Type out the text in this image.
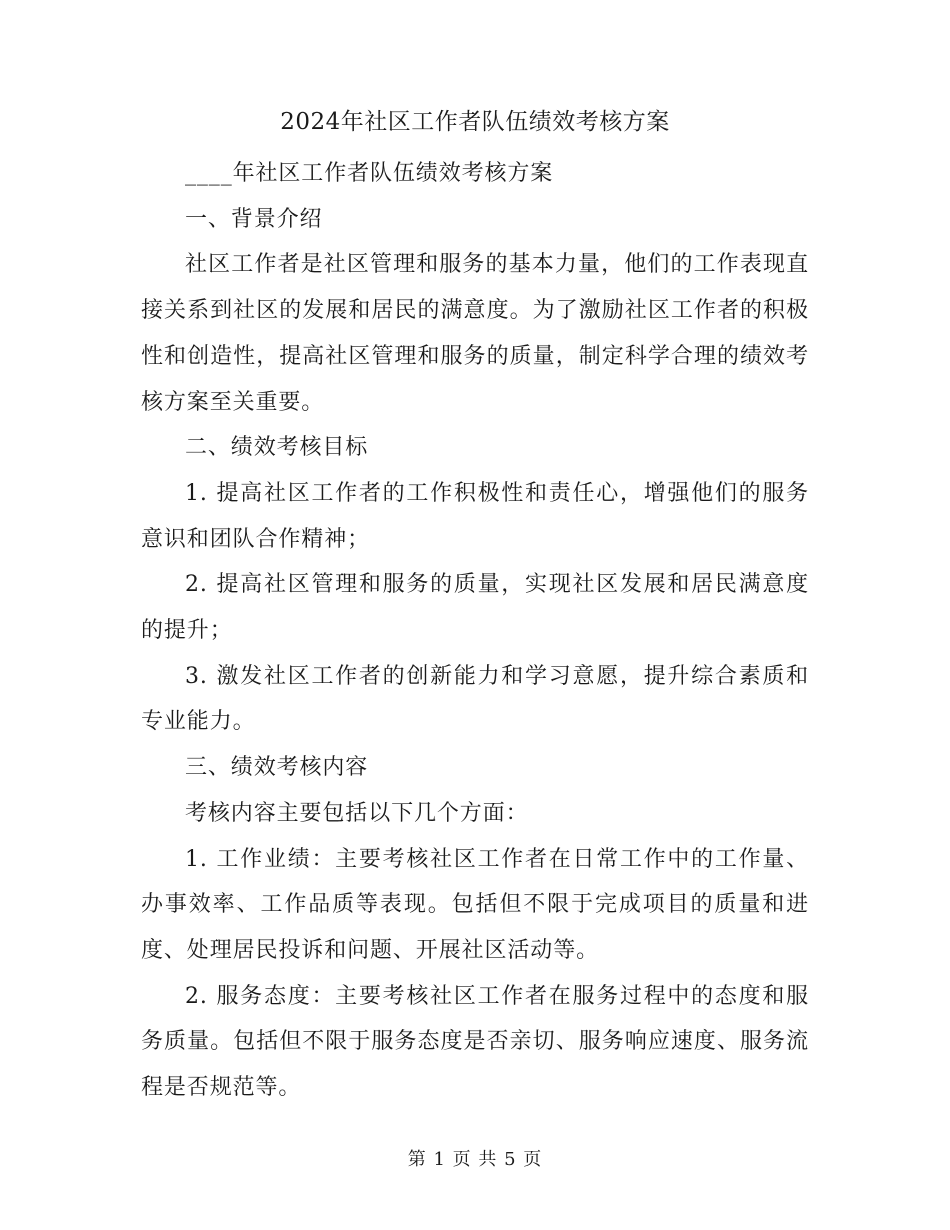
2024年社区工作者队伍绩效考核方案

____年社区工作者队伍绩效考核方案

一、背景介绍

社区工作者是社区管理和服务的基本力量，他们的工作表现直接关系到社区的发展和居民的满意度。为了激励社区工作者的积极性和创造性，提高社区管理和服务的质量，制定科学合理的绩效考核方案至关重要。

二、绩效考核目标

1. 提高社区工作者的工作积极性和责任心，增强他们的服务意识和团队合作精神；

2. 提高社区管理和服务的质量，实现社区发展和居民满意度的提升；

3. 激发社区工作者的创新能力和学习意愿，提升综合素质和专业能力。

三、绩效考核内容

考核内容主要包括以下几个方面：

1. 工作业绩：主要考核社区工作者在日常工作中的工作量、办事效率、工作品质等表现。包括但不限于完成项目的质量和进度、处理居民投诉和问题、开展社区活动等。

2. 服务态度：主要考核社区工作者在服务过程中的态度和服务质量。包括但不限于服务态度是否亲切、服务响应速度、服务流程是否规范等。

第 1 页 共 5 页
